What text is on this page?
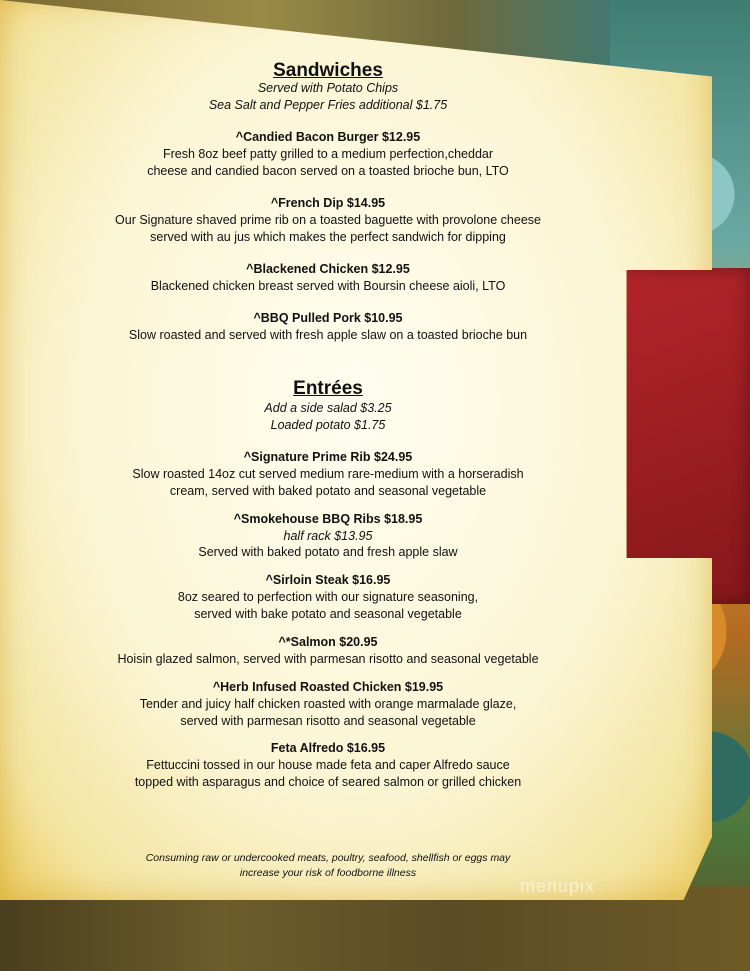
Sandwiches
Served with Potato Chips
Sea Salt and Pepper Fries additional $1.75
^Candied Bacon Burger $12.95
Fresh 8oz beef patty grilled to a medium perfection,cheddar
cheese and candied bacon served on a toasted brioche bun, LTO
^French Dip $14.95
Our Signature shaved prime rib on a toasted baguette with provolone cheese
served with au jus which makes the perfect sandwich for dipping
^Blackened Chicken $12.95
Blackened chicken breast served with Boursin cheese aioli, LTO
^BBQ Pulled Pork $10.95
Slow roasted and served with fresh apple slaw on a toasted brioche bun
Entrées
Add a side salad $3.25
Loaded potato $1.75
^Signature Prime Rib $24.95
Slow roasted 14oz cut served medium rare-medium with a horseradish
cream, served with baked potato and seasonal vegetable
^Smokehouse BBQ Ribs $18.95
half rack $13.95
Served with baked potato and fresh apple slaw
^Sirloin Steak $16.95
8oz seared to perfection with our signature seasoning,
served with bake potato and seasonal vegetable
^*Salmon $20.95
Hoisin glazed salmon, served with parmesan risotto and seasonal vegetable
^Herb Infused Roasted Chicken $19.95
Tender and juicy half chicken roasted with orange marmalade glaze,
served with parmesan risotto and seasonal vegetable
Feta Alfredo $16.95
Fettuccini tossed in our house made feta and caper Alfredo sauce
topped with asparagus and choice of seared salmon or grilled chicken
Consuming raw or undercooked meats, poultry, seafood, shellfish or eggs may
increase your risk of foodborne illness
menupix
